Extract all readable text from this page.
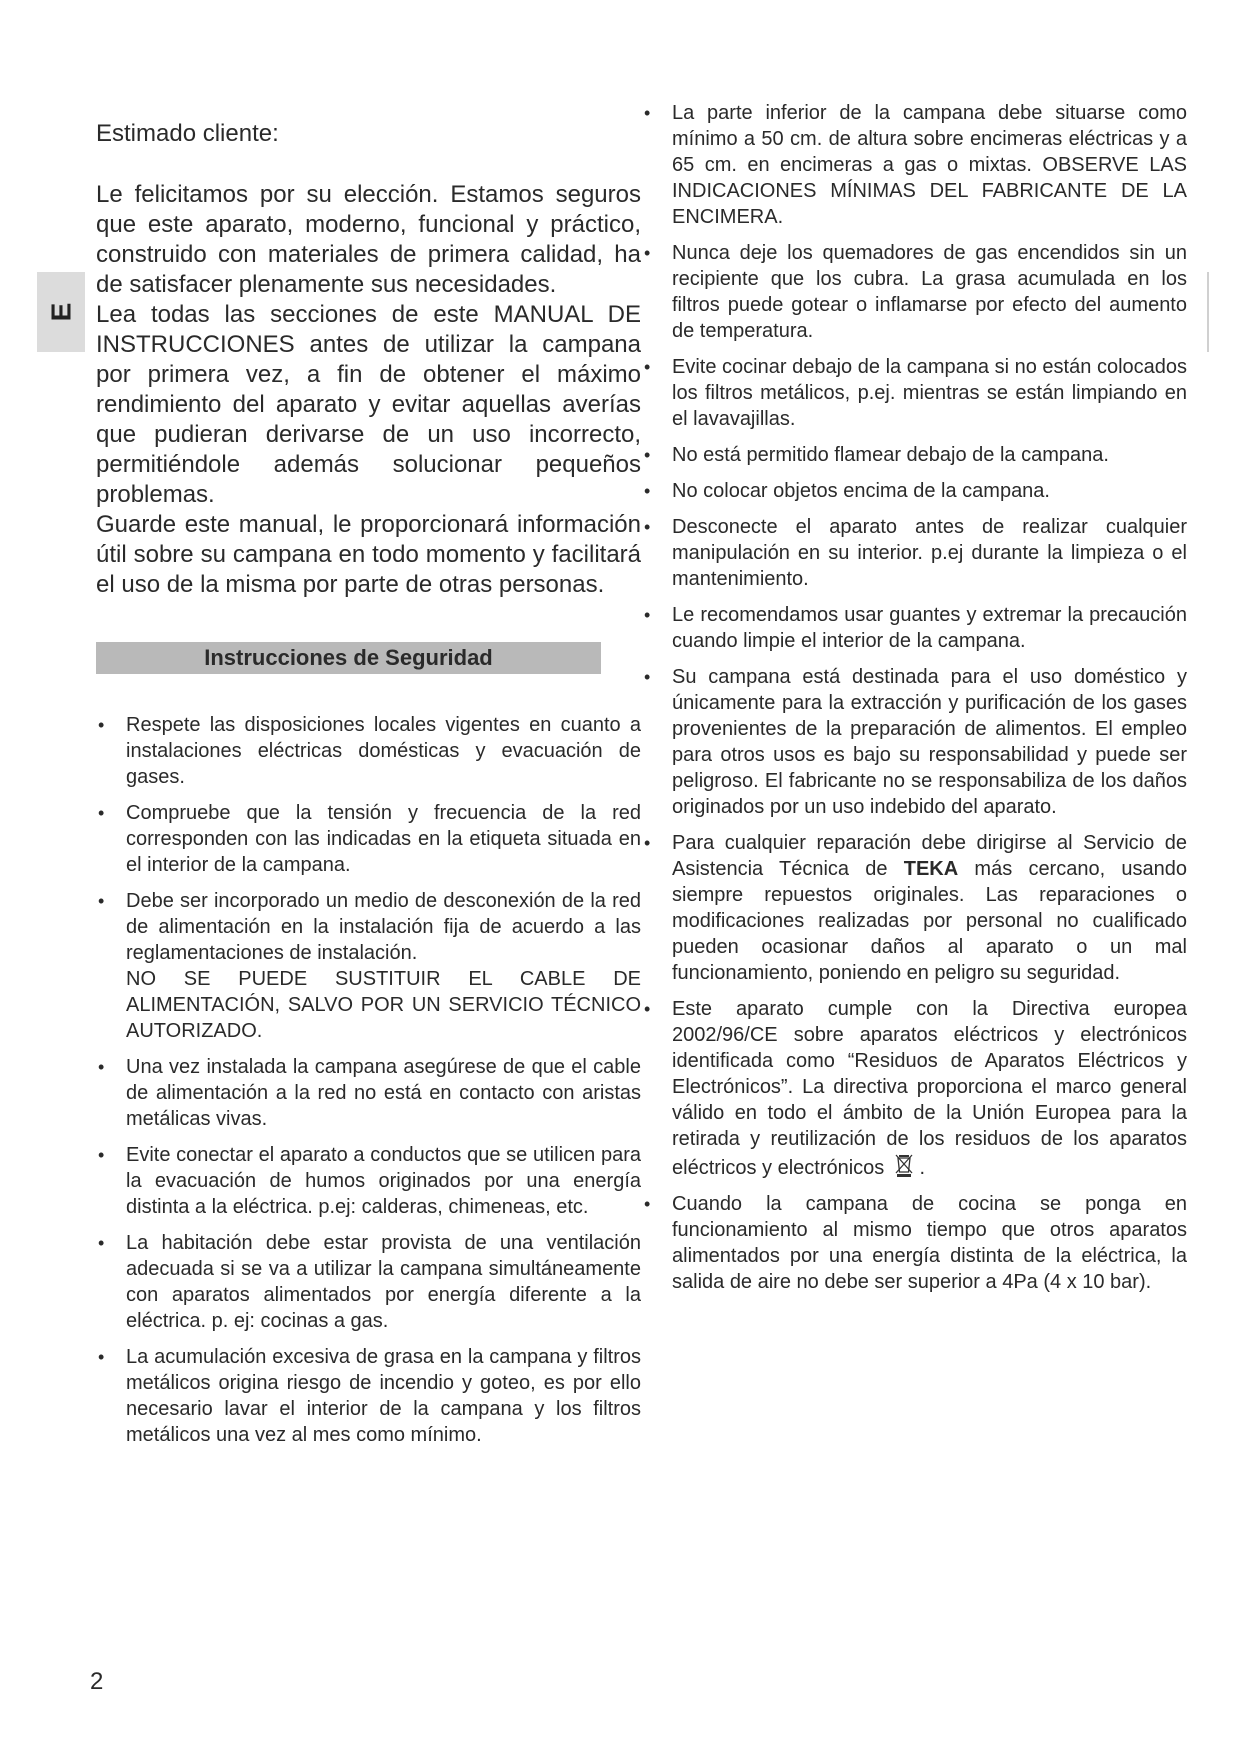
E
Estimado cliente:

Le felicitamos por su elección. Estamos seguros que este aparato, moderno, funcional y práctico, construido con materiales de primera calidad, ha de satisfacer plenamente sus necesidades.

Lea todas las secciones de este MANUAL DE INSTRUCCIONES antes de utilizar la campana por primera vez, a fin de obtener el máximo rendimiento del aparato y evitar aquellas averías que pudieran derivarse de un uso incorrecto, permitiéndole además solucionar pequeños problemas.

Guarde este manual, le proporcionará información útil sobre su campana en todo momento y facilitará el uso de la misma por parte de otras personas.

Instrucciones de Seguridad
• Respete las disposiciones locales vigentes en cuanto a instalaciones eléctricas domésticas y evacuación de gases.
• Compruebe que la tensión y frecuencia de la red corresponden con las indicadas en la etiqueta situada en el interior de la campana.
• Debe ser incorporado un medio de desconexión de la red de alimentación en la instalación fija de acuerdo a las reglamentaciones de instalación.
NO SE PUEDE SUSTITUIR EL CABLE DE ALIMENTACIÓN, SALVO POR UN SERVICIO TÉCNICO AUTORIZADO.
• Una vez instalada la campana asegúrese de que el cable de alimentación a la red no está en contacto con aristas metálicas vivas.
• Evite conectar el aparato a conductos que se utilicen para la evacuación de humos originados por una energía distinta a la eléctrica. p.ej: calderas, chimeneas, etc.
• La habitación debe estar provista de una ventilación adecuada si se va a utilizar la campana simultáneamente con aparatos alimentados por energía diferente a la eléctrica. p. ej: cocinas a gas.
• La acumulación excesiva de grasa en la campana y filtros metálicos origina riesgo de incendio y goteo, es por ello necesario lavar el interior de la campana y los filtros metálicos una vez al mes como mínimo.
• La parte inferior de la campana debe situarse como mínimo a 50 cm. de altura sobre encimeras eléctricas y a 65 cm. en encimeras a gas o mixtas. OBSERVE LAS INDICACIONES MÍNIMAS DEL FABRICANTE DE LA ENCIMERA.
• Nunca deje los quemadores de gas encendidos sin un recipiente que los cubra. La grasa acumulada en los filtros puede gotear o inflamarse por efecto del aumento de temperatura.
• Evite cocinar debajo de la campana si no están colocados los filtros metálicos, p.ej. mientras se están limpiando en el lavavajillas.
• No está permitido flamear debajo de la campana.
• No colocar objetos encima de la campana.
• Desconecte el aparato antes de realizar cualquier manipulación en su interior. p.ej durante la limpieza o el mantenimiento.
• Le recomendamos usar guantes y extremar la precaución cuando limpie el interior de la campana.
• Su campana está destinada para el uso doméstico y únicamente para la extracción y purificación de los gases provenientes de la preparación de alimentos. El empleo para otros usos es bajo su responsabilidad y puede ser peligroso. El fabricante no se responsabiliza de los daños originados por un uso indebido del aparato.
• Para cualquier reparación debe dirigirse al Servicio de Asistencia Técnica de TEKA más cercano, usando siempre repuestos originales. Las reparaciones o modificaciones realizadas por personal no cualificado pueden ocasionar daños al aparato o un mal funcionamiento, poniendo en peligro su seguridad.
• Este aparato cumple con la Directiva europea 2002/96/CE sobre aparatos eléctricos y electrónicos identificada como “Residuos de Aparatos Eléctricos y Electrónicos”. La directiva proporciona el marco general válido en todo el ámbito de la Unión Europea para la retirada y reutilización de los residuos de los aparatos eléctricos y electrónicos .
• Cuando la campana de cocina se ponga en funcionamiento al mismo tiempo que otros aparatos alimentados por una energía distinta de la eléctrica, la salida de aire no debe ser superior a 4Pa (4 x 10 bar).
2
